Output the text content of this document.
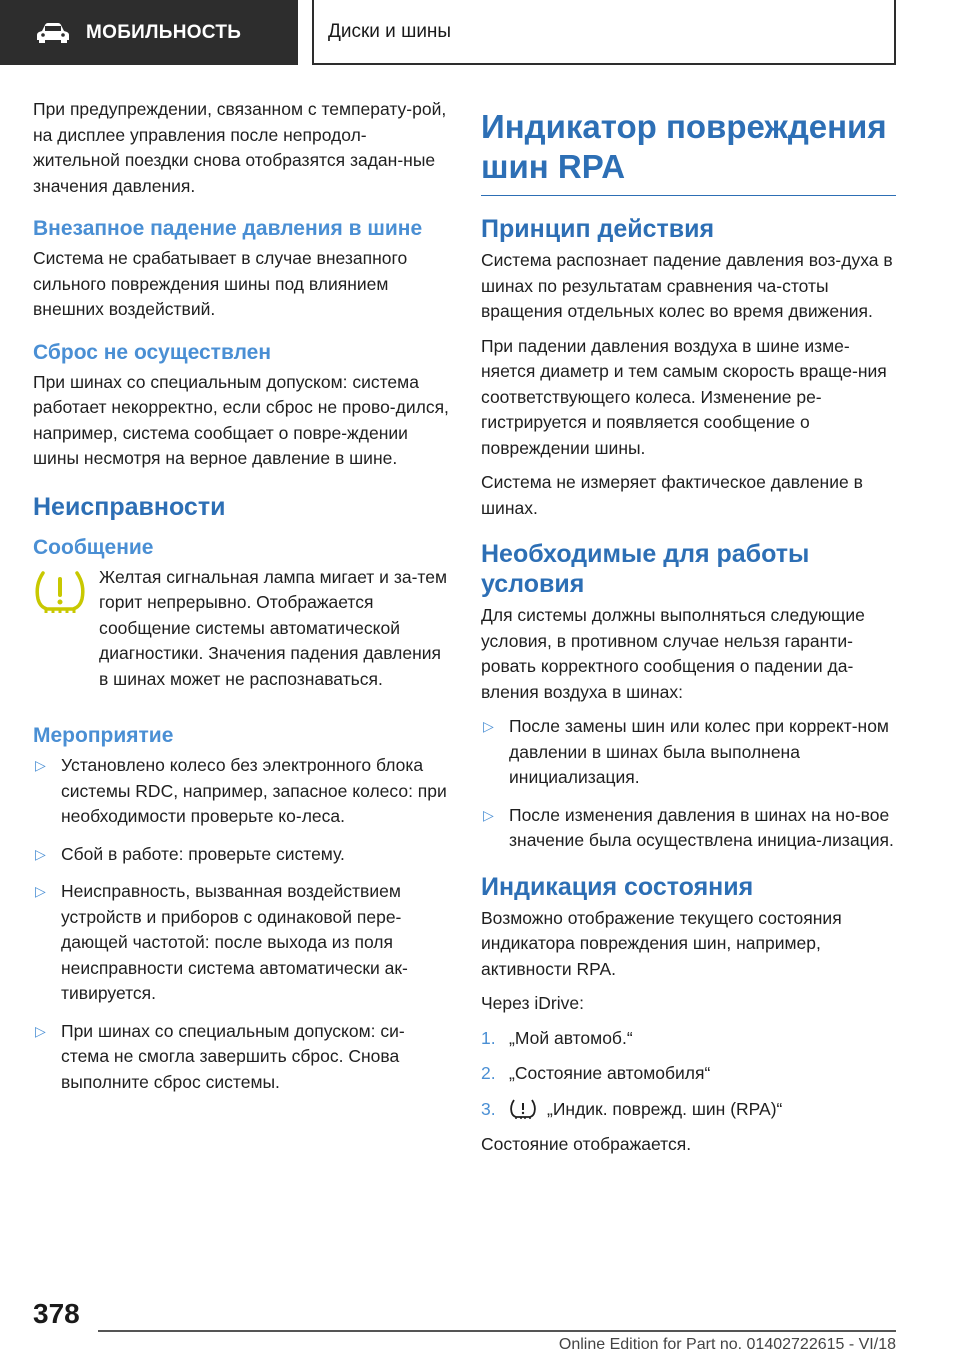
МОБИЛЬНОСТЬ	Диски и шины

При предупреждении, связанном с температу-рой, на дисплее управления после непродол-жительной поездки снова отобразятся задан-ные значения давления.

Внезапное падение давления в шине

Система не срабатывает в случае внезапного сильного повреждения шины под влиянием внешних воздействий.

Сброс не осуществлен

При шинах со специальным допуском: система работает некорректно, если сброс не прово-дился, например, система сообщает о повре-ждении шины несмотря на верное давление в шине.

Неисправности
Сообщение

Желтая сигнальная лампа мигает и за-тем горит непрерывно. Отображается сообщение системы автоматической диагностики. Значения падения давления в шинах может не распознаваться.

Мероприятие
▷ Установлено колесо без электронного блока системы RDC, например, запасное колесо: при необходимости проверьте ко-леса.
▷ Сбой в работе: проверьте систему.
▷ Неисправность, вызванная воздействием устройств и приборов с одинаковой пере-дающей частотой: после выхода из поля неисправности система автоматически ак-тивируется.
▷ При шинах со специальным допуском: си-стема не смогла завершить сброс. Снова выполните сброс системы.
Индикатор повреждения шин RPA
Принцип действия

Система распознает падение давления воз-духа в шинах по результатам сравнения ча-стоты вращения отдельных колес во время движения.

При падении давления воздуха в шине изме-няется диаметр и тем самым скорость враще-ния соответствующего колеса. Изменение ре-гистрируется и появляется сообщение о повреждении шины.

Система не измеряет фактическое давление в шинах.

Необходимые для работы условия

Для системы должны выполняться следующие условия, в противном случае нельзя гаранти-ровать корректного сообщения о падении да-вления воздуха в шинах:

▷ После замены шин или колес при коррект-ном давлении в шинах была выполнена инициализация.
▷ После изменения давления в шинах на но-вое значение была осуществлена инициа-лизация.
Индикация состояния

Возможно отображение текущего состояния индикатора повреждения шин, например, активности RPA.

Через iDrive:

1. „Мой автомоб.“
2. „Состояние автомобиля“
3.	„Индик. поврежд. шин (RPA)“

Состояние отображается.

378
Online Edition for Part no. 01402722615 - VI/18
